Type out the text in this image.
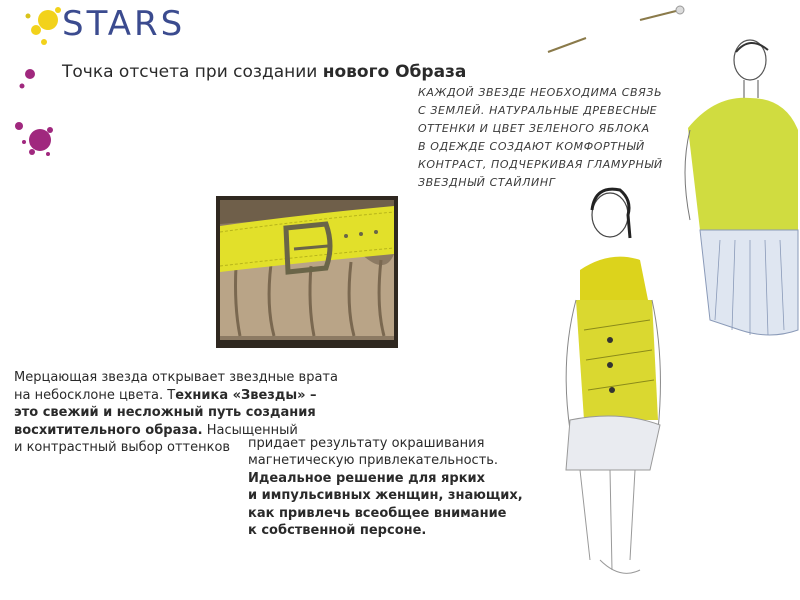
STARS
Точка отсчета при создании нового Образа
КАЖДОЙ ЗВЕЗДЕ НЕОБХОДИМА СВЯЗЬ
С ЗЕМЛЕЙ. НАТУРАЛЬНЫЕ ДРЕВЕСНЫЕ
ОТТЕНКИ И ЦВЕТ ЗЕЛЕНОГО ЯБЛОКА
В ОДЕЖДЕ СОЗДАЮТ КОМФОРТНЫЙ
КОНТРАСТ, ПОДЧЕРКИВАЯ ГЛАМУРНЫЙ
ЗВЕЗДНЫЙ СТАЙЛИНГ
Мерцающая звезда открывает звездные врата
на небосклоне цвета. Техника «Звезды» –
это свежий и несложный путь создания
восхитительного образа. Насыщенный
и контрастный выбор оттенков	придает результату окрашивания
магнетическую привлекательность.
Идеальное решение для ярких
и импульсивных женщин, знающих,
как привлечь всеобщее внимание
к собственной персоне.
